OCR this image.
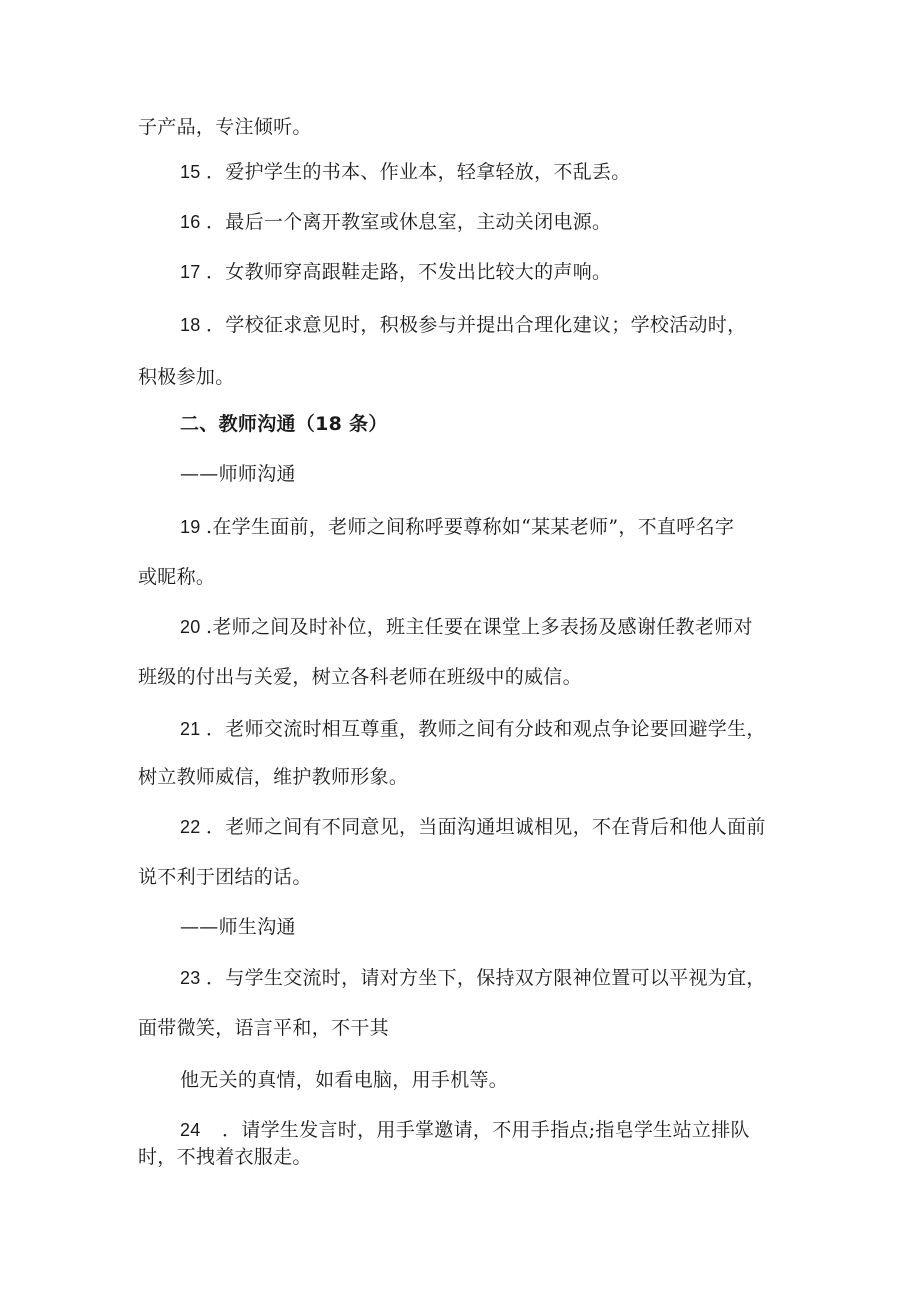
子产品，专注倾听。
15 ．爱护学生的书本、作业本，轻拿轻放，不乱丢。
16 ．最后一个离开教室或休息室，主动关闭电源。
17 ．女教师穿高跟鞋走路，不发出比较大的声响。
18 ．学校征求意见时，积极参与并提出合理化建议；学校活动时，
积极参加。
二、教师沟通（18 条）
——师师沟通
19 .在学生面前，老师之间称呼要尊称如“某某老师”，不直呼名字
或昵称。
20 .老师之间及时补位，班主任要在课堂上多表扬及感谢任教老师对
班级的付出与关爱，树立各科老师在班级中的威信。
21 ．老师交流时相互尊重，教师之间有分歧和观点争论要回避学生，
树立教师威信，维护教师形象。
22 ．老师之间有不同意见，当面沟通坦诚相见，不在背后和他人面前
说不利于团结的话。
——师生沟通
23 ．与学生交流时，请对方坐下，保持双方限神位置可以平视为宜，
面带微笑，语言平和，不干其
他无关的真情，如看电脑，用手机等。
24 ．请学生发言时，用手掌邀请，不用手指点;指皂学生站立排队
时，不拽着衣服走。
